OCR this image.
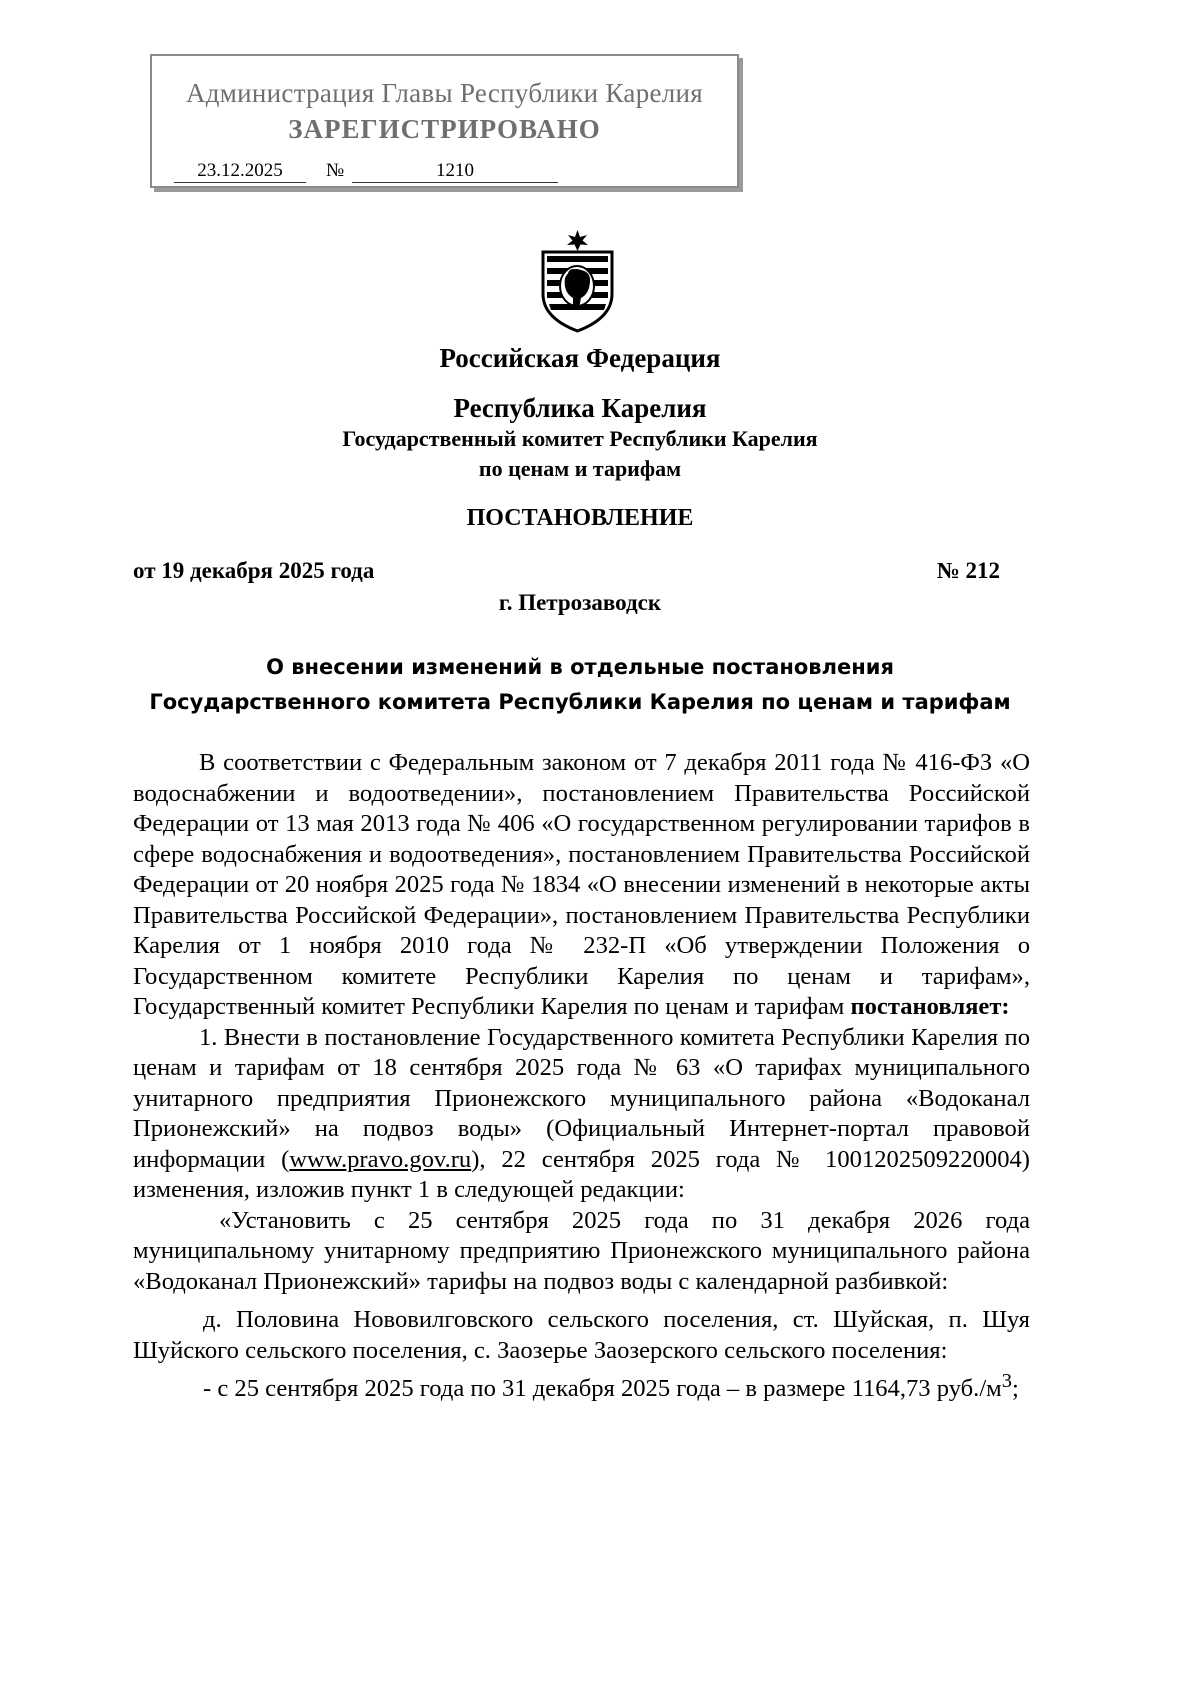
Администрация Главы Республики Карелия
ЗАРЕГИСТРИРОВАНО
23.12.2025	№	1210
Российская Федерация
Республика Карелия
Государственный комитет Республики Карелия
по ценам и тарифам
ПОСТАНОВЛЕНИЕ
от 19 декабря 2025 года	№ 212
г. Петрозаводск
О внесении изменений в отдельные постановления
Государственного комитета Республики Карелия по ценам и тарифам

В соответствии с Федеральным законом от 7 декабря 2011 года № 416-ФЗ «О водоснабжении и водоотведении», постановлением Правительства Российской Федерации от 13 мая 2013 года № 406 «О государственном регулировании тарифов в сфере водоснабжения и водоотведения», постановлением Правительства Российской Федерации от 20 ноября 2025 года № 1834 «О внесении изменений в некоторые акты Правительства Российской Федерации», постановлением Правительства Республики Карелия от 1 ноября 2010 года № 232-П «Об утверждении Положения о Государственном комитете Республики Карелия по ценам и тарифам», Государственный комитет Республики Карелия по ценам и тарифам постановляет:

1. Внести в постановление Государственного комитета Республики Карелия по ценам и тарифам от 18 сентября 2025 года № 63 «О тарифах муниципального унитарного предприятия Прионежского муниципального района «Водоканал Прионежский» на подвоз воды» (Официальный Интернет-портал правовой информации (www.pravo.gov.ru), 22 сентября 2025 года № 1001202509220004) изменения, изложив пункт 1 в следующей редакции:

«Установить с 25 сентября 2025 года по 31 декабря 2026 года муниципальному унитарному предприятию Прионежского муниципального района «Водоканал Прионежский» тарифы на подвоз воды с календарной разбивкой:

д. Половина Нововилговского сельского поселения, ст. Шуйская, п. Шуя Шуйского сельского поселения, с. Заозерье Заозерского сельского поселения:

- с 25 сентября 2025 года по 31 декабря 2025 года – в размере 1164,73 $руб./м^3$;
